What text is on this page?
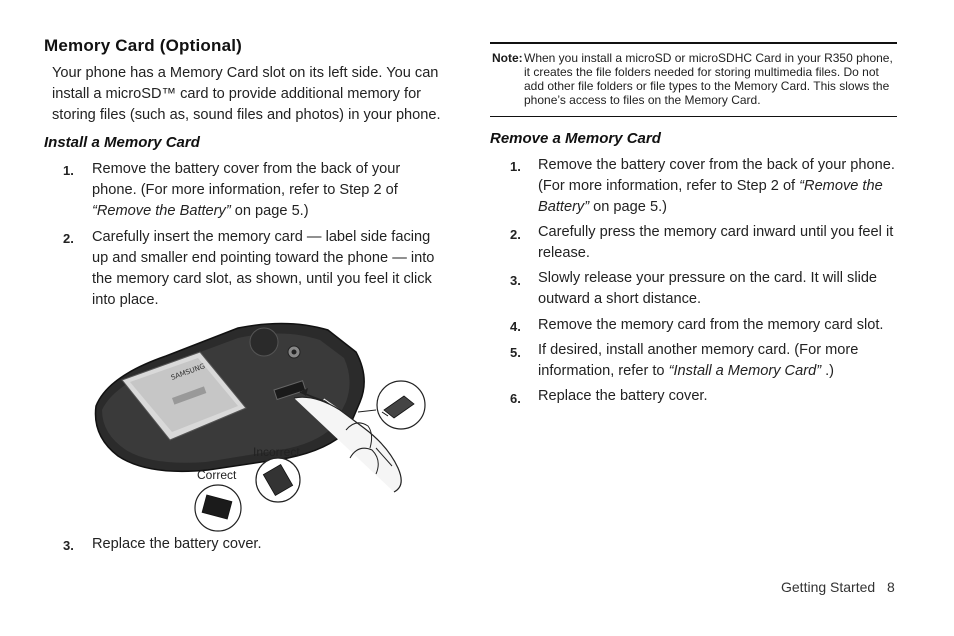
Memory Card (Optional)
Your phone has a Memory Card slot on its left side. You can install a microSD™ card to provide additional memory for storing files (such as, sound files and photos) in your phone.
Install a Memory Card
1. Remove the battery cover from the back of your phone. (For more information, refer to Step 2 of “Remove the Battery” on page 5.)
2. Carefully insert the memory card — label side facing up and smaller end pointing toward the phone — into the memory card slot, as shown, until you feel it click into place.
SAMSUNG
Incorrect
Correct
3. Replace the battery cover.
Note: When you install a microSD or microSDHC Card in your R350 phone, it creates the file folders needed for storing multimedia files. Do not add other file folders or file types to the Memory Card. This slows the phone’s access to files on the Memory Card.
Remove a Memory Card
1. Remove the battery cover from the back of your phone. (For more information, refer to Step 2 of “Remove the Battery” on page 5.)
2. Carefully press the memory card inward until you feel it release.
3. Slowly release your pressure on the card. It will slide outward a short distance.
4. Remove the memory card from the memory card slot.
5. If desired, install another memory card. (For more information, refer to “Install a Memory Card” .)
6. Replace the battery cover.
Getting Started 8
